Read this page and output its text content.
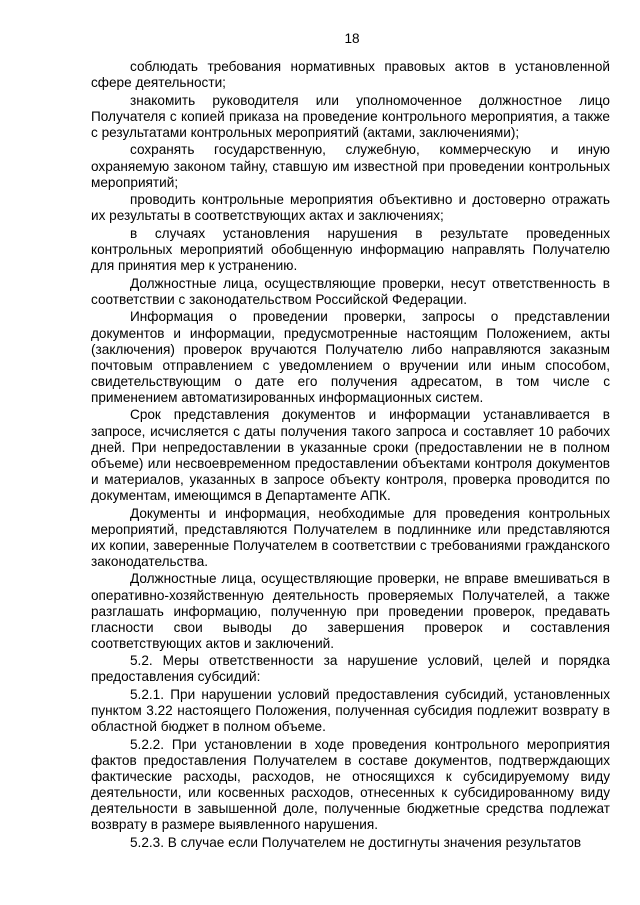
18

соблюдать требования нормативных правовых актов в установленной сфере деятельности;

знакомить руководителя или уполномоченное должностное лицо Получателя с копией приказа на проведение контрольного мероприятия, а также с результатами контрольных мероприятий (актами, заключениями);

сохранять государственную, служебную, коммерческую и иную охраняемую законом тайну, ставшую им известной при проведении контрольных мероприятий;

проводить контрольные мероприятия объективно и достоверно отражать их результаты в соответствующих актах и заключениях;

в случаях установления нарушения в результате проведенных контрольных мероприятий обобщенную информацию направлять Получателю для принятия мер к устранению.

Должностные лица, осуществляющие проверки, несут ответственность в соответствии с законодательством Российской Федерации.

Информация о проведении проверки, запросы о представлении документов и информации, предусмотренные настоящим Положением, акты (заключения) проверок вручаются Получателю либо направляются заказным почтовым отправлением с уведомлением о вручении или иным способом, свидетельствующим о дате его получения адресатом, в том числе с применением автоматизированных информационных систем.

Срок представления документов и информации устанавливается в запросе, исчисляется с даты получения такого запроса и составляет 10 рабочих дней. При непредоставлении в указанные сроки (предоставлении не в полном объеме) или несвоевременном предоставлении объектами контроля документов и материалов, указанных в запросе объекту контроля, проверка проводится по документам, имеющимся в Департаменте АПК.

Документы и информация, необходимые для проведения контрольных мероприятий, представляются Получателем в подлиннике или представляются их копии, заверенные Получателем в соответствии с требованиями гражданского законодательства.

Должностные лица, осуществляющие проверки, не вправе вмешиваться в оперативно-хозяйственную деятельность проверяемых Получателей, а также разглашать информацию, полученную при проведении проверок, предавать гласности свои выводы до завершения проверок и составления соответствующих актов и заключений.

5.2. Меры ответственности за нарушение условий, целей и порядка предоставления субсидий:

5.2.1. При нарушении условий предоставления субсидий, установленных пунктом 3.22 настоящего Положения, полученная субсидия подлежит возврату в областной бюджет в полном объеме.

5.2.2. При установлении в ходе проведения контрольного мероприятия фактов предоставления Получателем в составе документов, подтверждающих фактические расходы, расходов, не относящихся к субсидируемому виду деятельности, или косвенных расходов, отнесенных к субсидированному виду деятельности в завышенной доле, полученные бюджетные средства подлежат возврату в размере выявленного нарушения.

5.2.3. В случае если Получателем не достигнуты значения результатов
